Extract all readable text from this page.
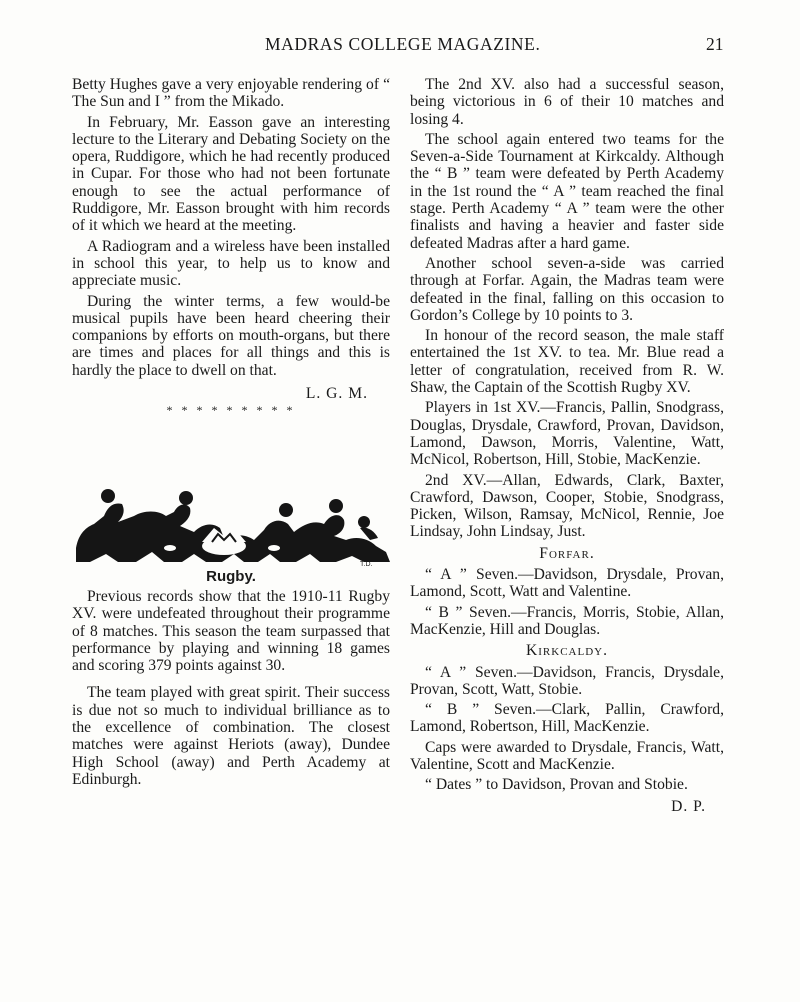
MADRAS COLLEGE MAGAZINE.	21

Betty Hughes gave a very enjoyable rendering of “ The Sun and I ” from the Mikado.

In February, Mr. Easson gave an interesting lecture to the Literary and Debating Society on the opera, Ruddigore, which he had recently produced in Cupar. For those who had not been fortunate enough to see the actual performance of Ruddigore, Mr. Easson brought with him records of it which we heard at the meeting.

A Radiogram and a wireless have been installed in school this year, to help us to know and appreciate music.

During the winter terms, a few would-be musical pupils have been heard cheering their companions by efforts on mouth-organs, but there are times and places for all things and this is hardly the place to dwell on that.

L. G. M.

* * * * * * * * *

T.D.

Rugby.

Previous records show that the 1910-11 Rugby XV. were undefeated throughout their programme of 8 matches. This season the team surpassed that performance by playing and winning 18 games and scoring 379 points against 30.

The team played with great spirit. Their success is due not so much to individual brilliance as to the excellence of combination. The closest matches were against Heriots (away), Dundee High School (away) and Perth Academy at Edinburgh.

The 2nd XV. also had a successful season, being victorious in 6 of their 10 matches and losing 4.

The school again entered two teams for the Seven-a-Side Tournament at Kirkcaldy. Although the “ B ” team were defeated by Perth Academy in the 1st round the “ A ” team reached the final stage. Perth Academy “ A ” team were the other finalists and having a heavier and faster side defeated Madras after a hard game.

Another school seven-a-side was carried through at Forfar. Again, the Madras team were defeated in the final, falling on this occasion to Gordon’s College by 10 points to 3.

In honour of the record season, the male staff entertained the 1st XV. to tea. Mr. Blue read a letter of congratulation, received from R. W. Shaw, the Captain of the Scottish Rugby XV.

Players in 1st XV.—Francis, Pallin, Snodgrass, Douglas, Drysdale, Crawford, Provan, Davidson, Lamond, Dawson, Morris, Valentine, Watt, McNicol, Robertson, Hill, Stobie, MacKenzie.

2nd XV.—Allan, Edwards, Clark, Baxter, Crawford, Dawson, Cooper, Stobie, Snodgrass, Picken, Wilson, Ramsay, McNicol, Rennie, Joe Lindsay, John Lindsay, Just.

Forfar.

“ A ” Seven.—Davidson, Drysdale, Provan, Lamond, Scott, Watt and Valentine.

“ B ” Seven.—Francis, Morris, Stobie, Allan, MacKenzie, Hill and Douglas.

Kirkcaldy.

“ A ” Seven.—Davidson, Francis, Drysdale, Provan, Scott, Watt, Stobie.

“ B ” Seven.—Clark, Pallin, Crawford, Lamond, Robertson, Hill, MacKenzie.

Caps were awarded to Drysdale, Francis, Watt, Valentine, Scott and MacKenzie.

“ Dates ” to Davidson, Provan and Stobie.

D. P.
